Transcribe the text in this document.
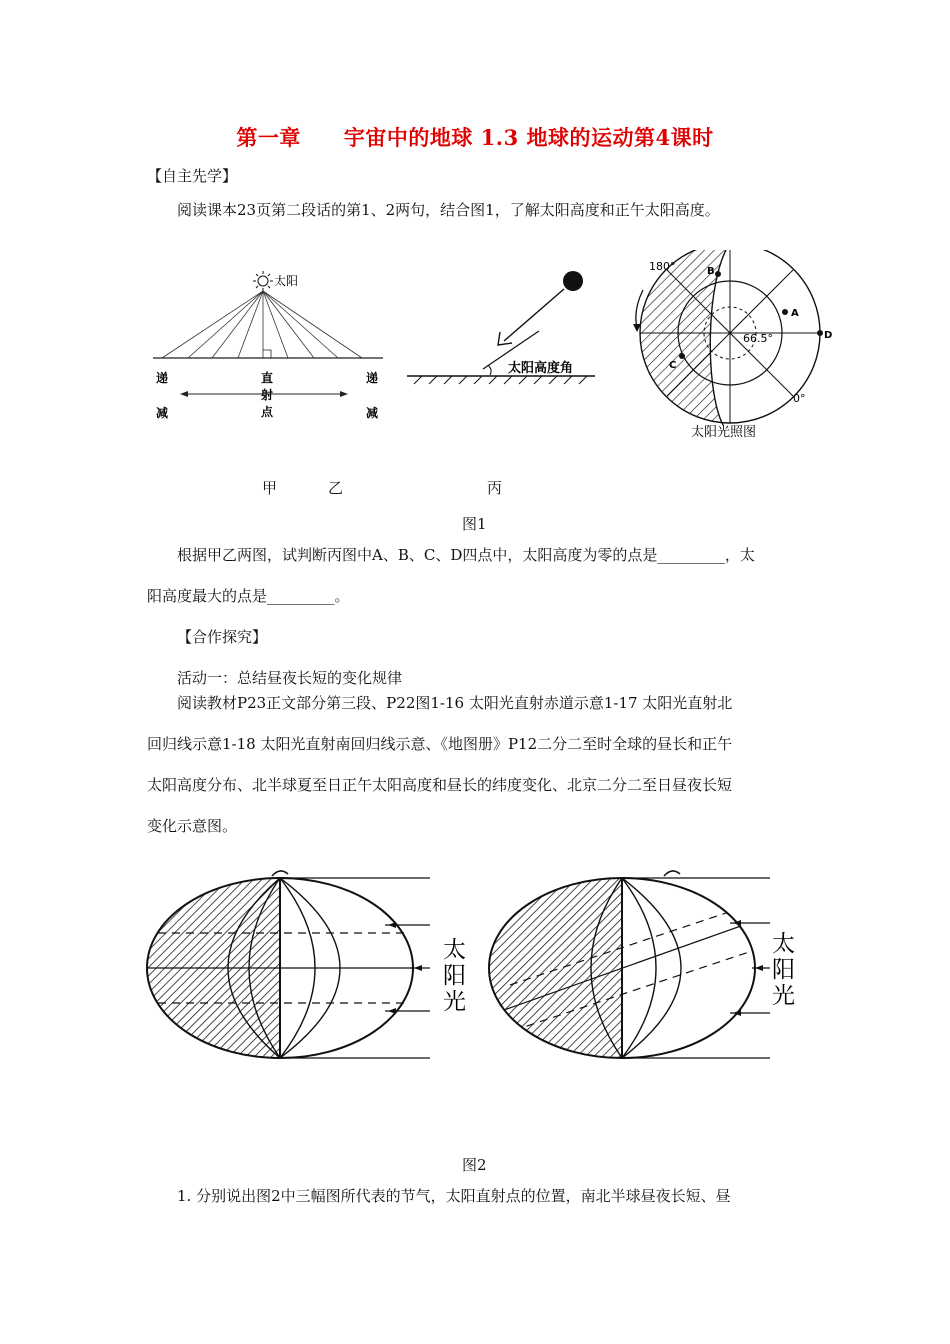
第一章　　宇宙中的地球 1.3 地球的运动第4课时
【自主先学】
阅读课本23页第二段话的第1、2两句，结合图1，了解太阳高度和正午太阳高度。
太阳
递
减
递
减
直
射
点
太阳高度角
B
A
C
D
180°
0°
66.5°
太阳光照图
甲	乙	丙
图1
根据甲乙两图，试判断丙图中A、B、C、D四点中，太阳高度为零的点是_________，太
阳高度最大的点是_________。
【合作探究】
活动一：总结昼夜长短的变化规律
阅读教材P23正文部分第三段、P22图1-16 太阳光直射赤道示意1-17 太阳光直射北
回归线示意1-18 太阳光直射南回归线示意、《地图册》P12二分二至时全球的昼长和正午
太阳高度分布、北半球夏至日正午太阳高度和昼长的纬度变化、北京二分二至日昼夜长短
变化示意图。
太
阳
光
太
阳
光
图2
1. 分别说出图2中三幅图所代表的节气，太阳直射点的位置，南北半球昼夜长短、昼
